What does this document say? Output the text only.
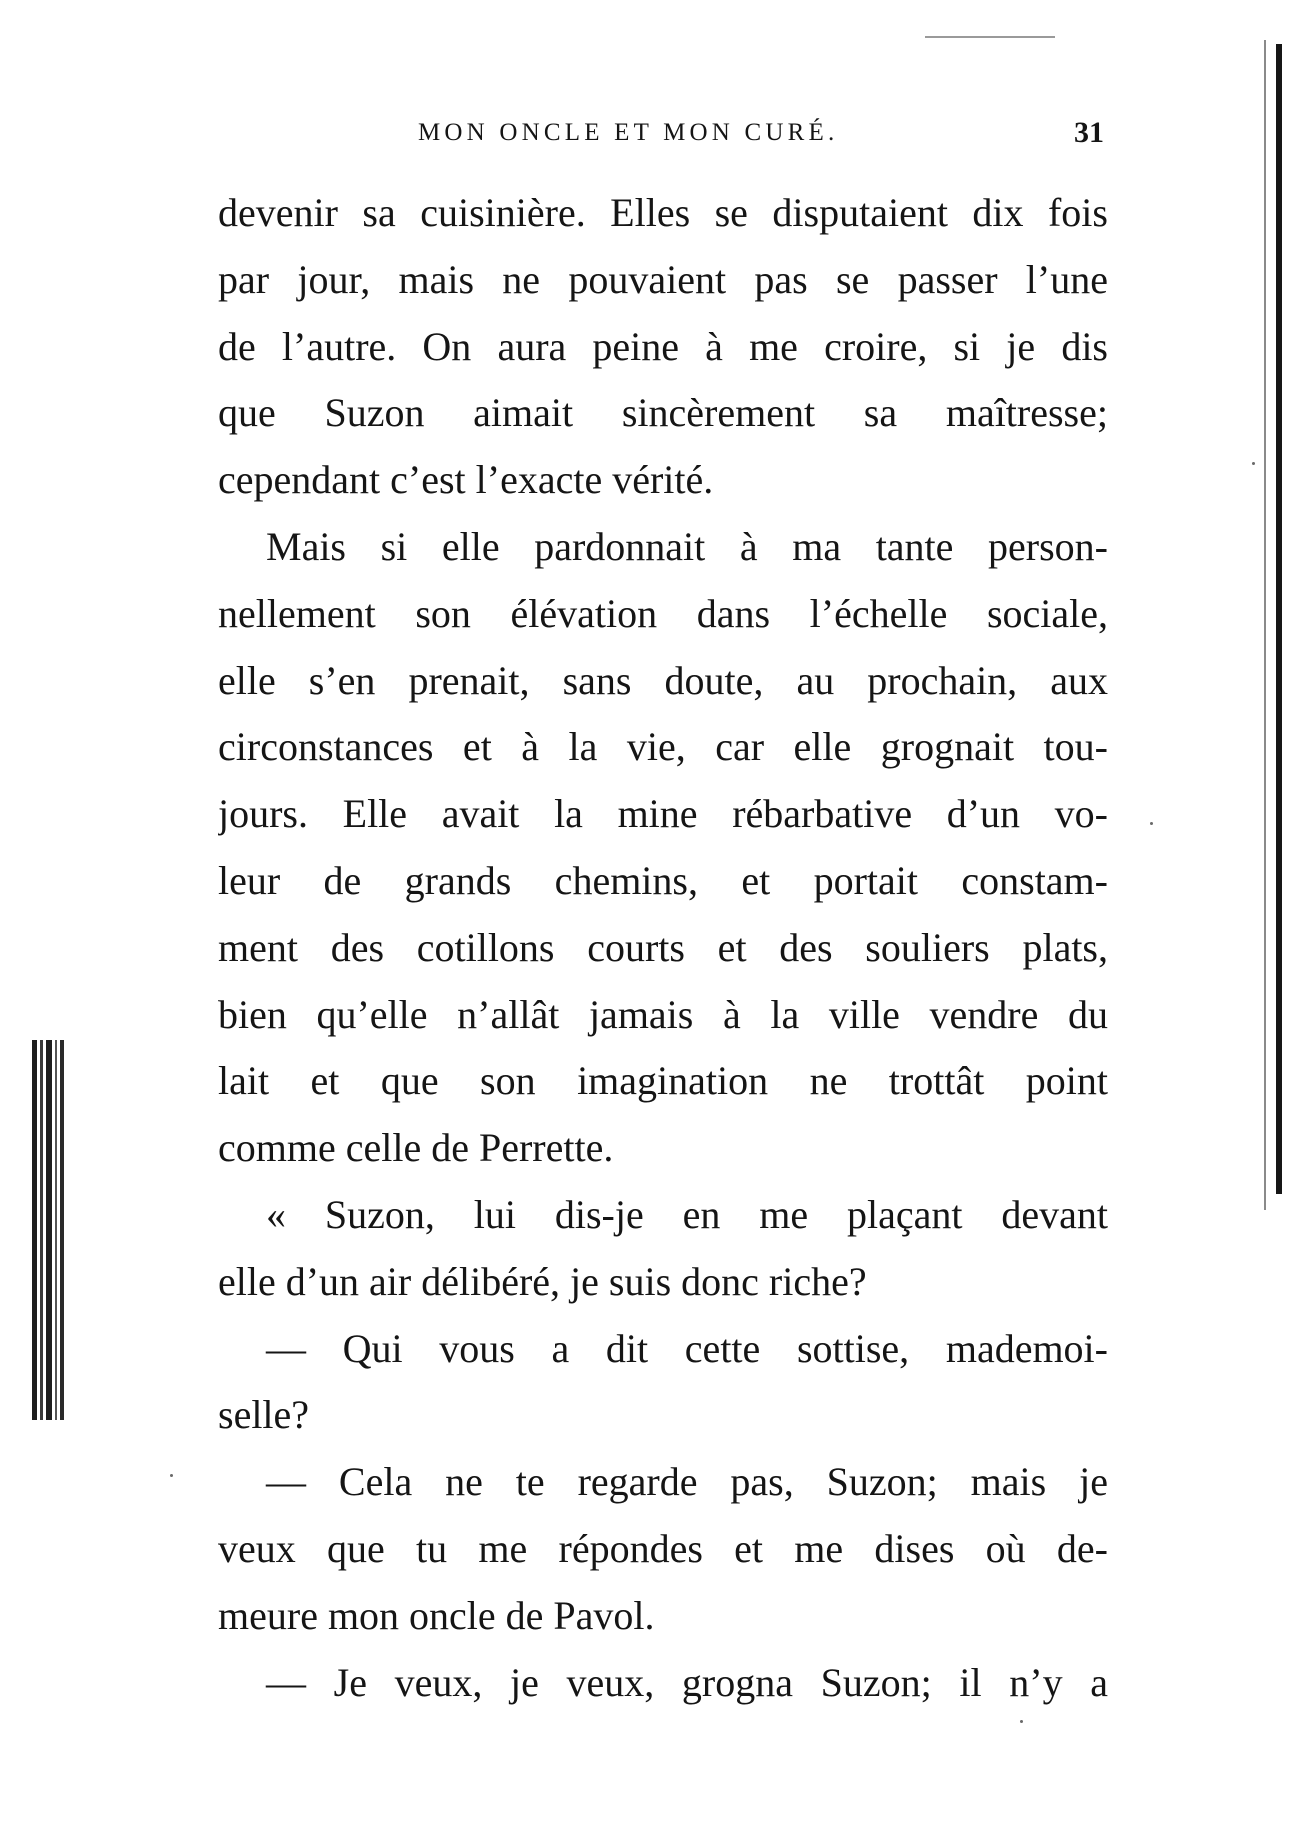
MON ONCLE ET MON CURÉ.	31
devenir sa cuisinière. Elles se disputaient dix fois
par jour, mais ne pouvaient pas se passer l’une
de l’autre. On aura peine à me croire, si je dis
que Suzon aimait sincèrement sa maîtresse;
cependant c’est l’exacte vérité.
Mais si elle pardonnait à ma tante person-
nellement son élévation dans l’échelle sociale,
elle s’en prenait, sans doute, au prochain, aux
circonstances et à la vie, car elle grognait tou-
jours. Elle avait la mine rébarbative d’un vo-
leur de grands chemins, et portait constam-
ment des cotillons courts et des souliers plats,
bien qu’elle n’allât jamais à la ville vendre du
lait et que son imagination ne trottât point
comme celle de Perrette.
« Suzon, lui dis-je en me plaçant devant
elle d’un air délibéré, je suis donc riche?
— Qui vous a dit cette sottise, mademoi-
selle?
— Cela ne te regarde pas, Suzon; mais je
veux que tu me répondes et me dises où de-
meure mon oncle de Pavol.
— Je veux, je veux, grogna Suzon; il n’y a
